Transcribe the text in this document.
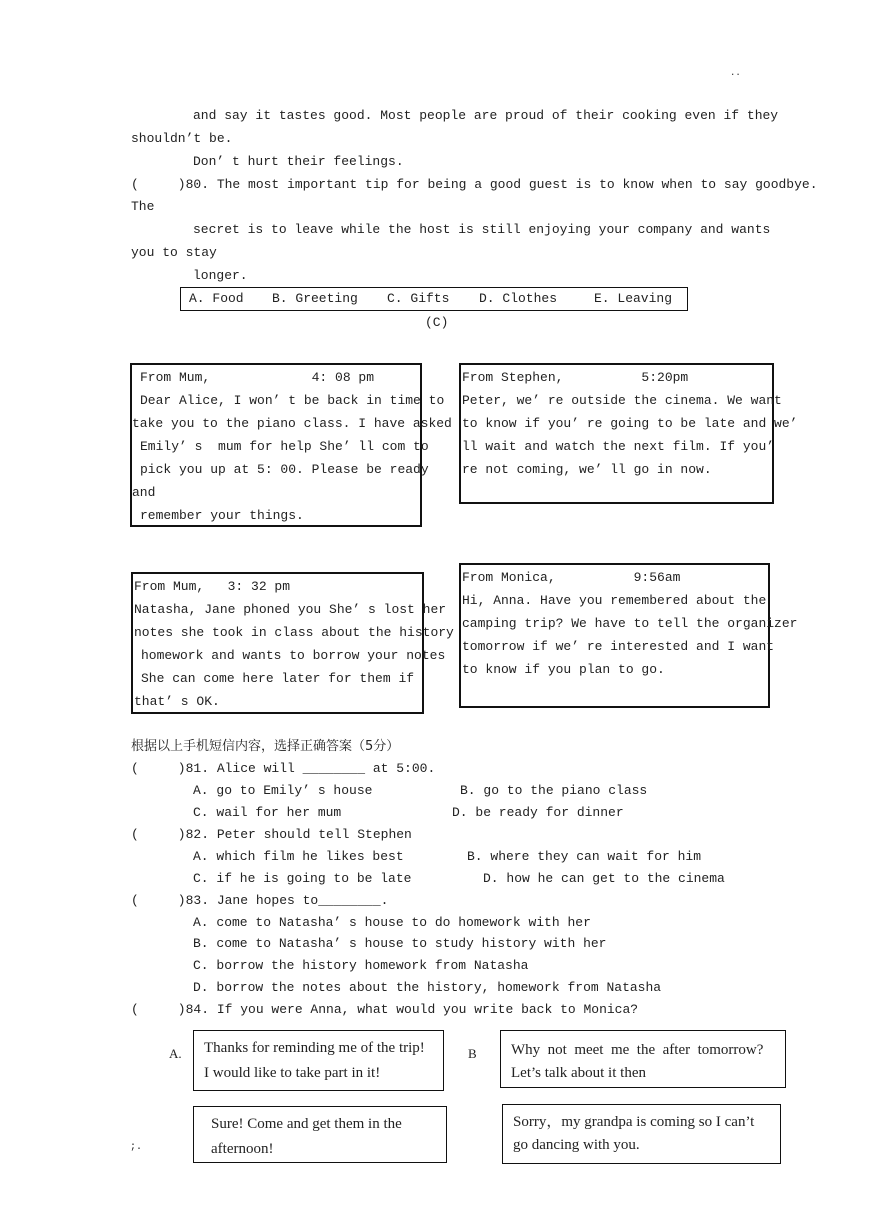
..
and say it tastes good. Most people are proud of their cooking even if they
shouldn’t be.
Don’ t hurt their feelings.
(     )80. The most important tip for being a good guest is to know when to say goodbye.
The
secret is to leave while the host is still enjoying your company and wants
you to stay
longer.
A. Food B. Greeting C. Gifts D. Clothes	E. Leaving
(C)
From Mum,             4: 08 pm
Dear Alice, I won’ t be back in time to
take you to the piano class. I have asked
Emily’ s  mum for help She’ ll com to
pick you up at 5: 00. Please be ready
and
remember your things.
From Stephen,          5:20pm
Peter, we’ re outside the cinema. We want
to know if you’ re going to be late and we’
ll wait and watch the next film. If you’
re not coming, we’ ll go in now.
From Mum,   3: 32 pm
Natasha, Jane phoned you She’ s lost her
notes she took in class about the history
homework and wants to borrow your notes
She can come here later for them if
that’ s OK.
From Monica,          9:56am
Hi, Anna. Have you remembered about the
camping trip? We have to tell the organizer
tomorrow if we’ re interested and I want
to know if you plan to go.
根据以上手机短信内容，选择正确答案（5分）
(     )81. Alice will ________ at 5:00.
A. go to Emily’ s house	B. go to the piano class
C. wail for her mum	D. be ready for dinner
(     )82. Peter should tell Stephen
A. which film he likes best	B. where they can wait for him
C. if he is going to be late	D. how he can get to the cinema
(     )83. Jane hopes to________.
A. come to Natasha’ s house to do homework with her
B. come to Natasha’ s house to study history with her
C. borrow the history homework from Natasha
D. borrow the notes about the history, homework from Natasha
(     )84. If you were Anna, what would you write back to Monica?
A. Thanks for reminding me of the trip!
I would like to take part in it!
B Why  not  meet  me  the  after  tomorrow?
Let’s talk about it then
Sure! Come and get them in the
afternoon!
Sorry，my grandpa is coming so I can’t
go dancing with you.
;.
